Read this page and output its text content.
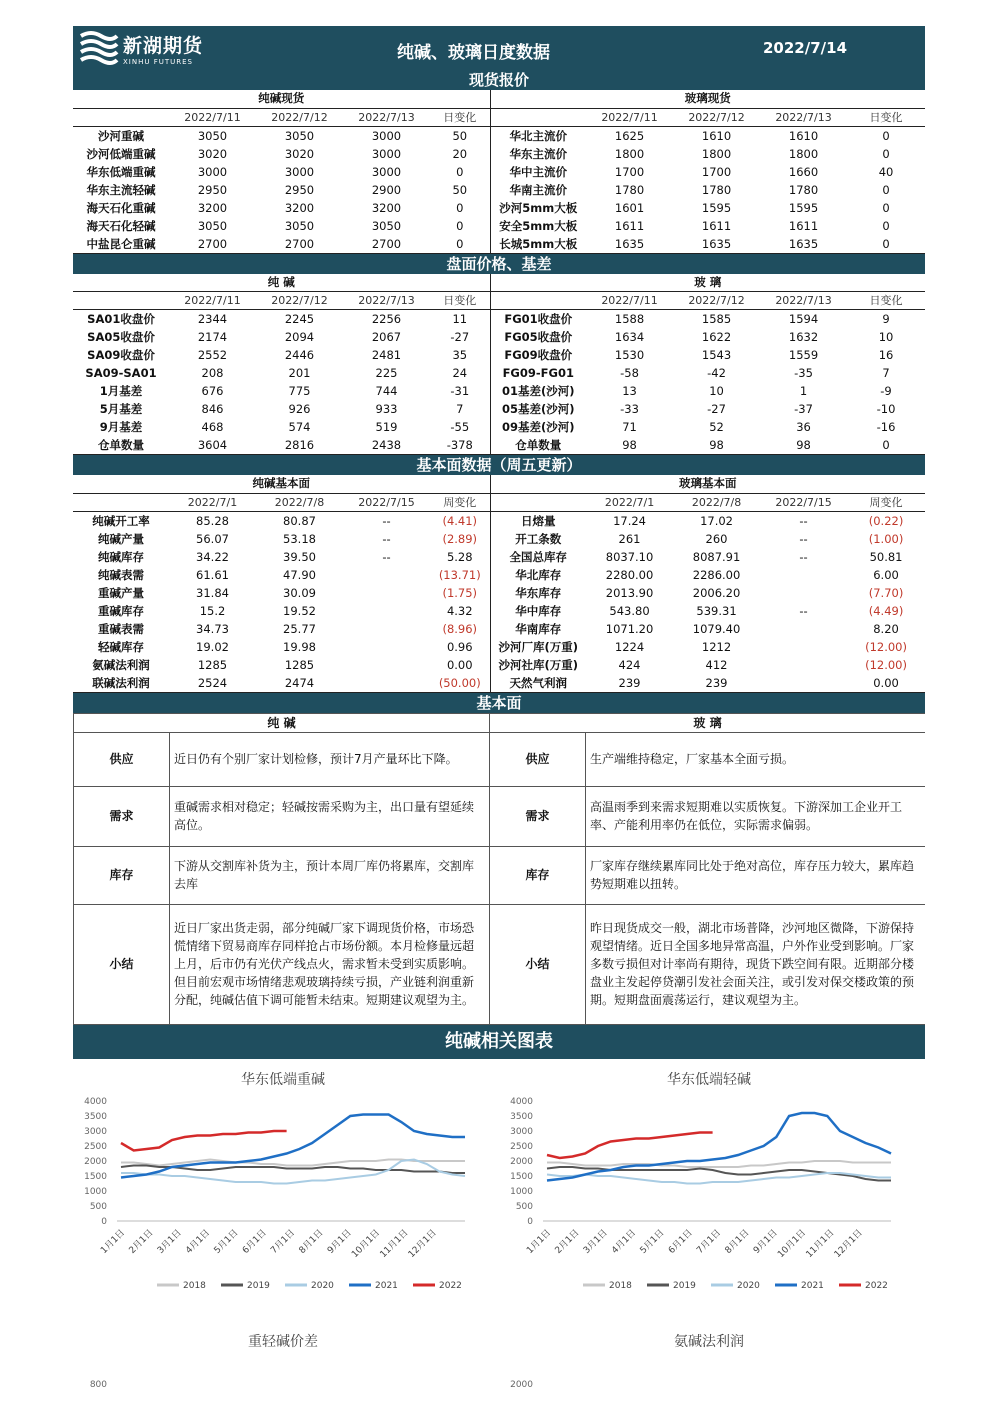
新湖期货
XINHU FUTURES	纯碱、玻璃日度数据	2022/7/14
现货报价
纯碱现货					玻璃现货				
	2022/7/11	2022/7/12	2022/7/13	日变化		2022/7/11	2022/7/12	2022/7/13	日变化
沙河重碱	3050	3050	3000	50	华北主流价	1625	1610	1610	0
沙河低端重碱	3020	3020	3000	20	华东主流价	1800	1800	1800	0
华东低端重碱	3000	3000	3000	0	华中主流价	1700	1700	1660	40
华东主流轻碱	2950	2950	2900	50	华南主流价	1780	1780	1780	0
海天石化重碱	3200	3200	3200	0	沙河5mm大板	1601	1595	1595	0
海天石化轻碱	3050	3050	3050	0	安全5mm大板	1611	1611	1611	0
中盐昆仑重碱	2700	2700	2700	0	长城5mm大板	1635	1635	1635	0
盘面价格、基差
纯 碱					玻 璃				
	2022/7/11	2022/7/12	2022/7/13	日变化		2022/7/11	2022/7/12	2022/7/13	日变化
SA01收盘价	2344	2245	2256	11	FG01收盘价	1588	1585	1594	9
SA05收盘价	2174	2094	2067	-27	FG05收盘价	1634	1622	1632	10
SA09收盘价	2552	2446	2481	35	FG09收盘价	1530	1543	1559	16
SA09-SA01	208	201	225	24	FG09-FG01	-58	-42	-35	7
1月基差	676	775	744	-31	01基差(沙河)	13	10	1	-9
5月基差	846	926	933	7	05基差(沙河)	-33	-27	-37	-10
9月基差	468	574	519	-55	09基差(沙河)	71	52	36	-16
仓单数量	3604	2816	2438	-378	仓单数量	98	98	98	0
基本面数据（周五更新）
纯碱基本面					玻璃基本面				
	2022/7/1	2022/7/8	2022/7/15	周变化		2022/7/1	2022/7/8	2022/7/15	周变化
纯碱开工率	85.28	80.87	--	(4.41)	日熔量	17.24	17.02	--	(0.22)
纯碱产量	56.07	53.18	--	(2.89)	开工条数	261	260	--	(1.00)
纯碱库存	34.22	39.50	--	5.28	全国总库存	8037.10	8087.91	--	50.81
纯碱表需	61.61	47.90		(13.71)	华北库存	2280.00	2286.00		6.00
重碱产量	31.84	30.09		(1.75)	华东库存	2013.90	2006.20		(7.70)
重碱库存	15.2	19.52		4.32	华中库存	543.80	539.31	--	(4.49)
重碱表需	34.73	25.77		(8.96)	华南库存	1071.20	1079.40		8.20
轻碱库存	19.02	19.98		0.96	沙河厂库(万重)	1224	1212		(12.00)
氨碱法利润	1285	1285		0.00	沙河社库(万重)	424	412		(12.00)
联碱法利润	2524	2474		(50.00)	天然气利润	239	239		0.00
基本面
纯 碱		玻 璃	
供应	近日仍有个别厂家计划检修，预计7月产量环比下降。	供应	生产端维持稳定，厂家基本全面亏损。
需求	重碱需求相对稳定；轻碱按需采购为主，出口量有望延续高位。	需求	高温雨季到来需求短期难以实质恢复。下游深加工企业开工率、产能利用率仍在低位，实际需求偏弱。
库存	下游从交割库补货为主，预计本周厂库仍将累库，交割库去库	库存	厂家库存继续累库同比处于绝对高位，库存压力较大，累库趋势短期难以扭转。
小结	近日厂家出货走弱，部分纯碱厂家下调现货价格，市场恐慌情绪下贸易商库存同样抢占市场份额。本月检修量远超上月，后市仍有光伏产线点火，需求暂未受到实质影响。但目前宏观市场情绪悲观玻璃持续亏损，产业链利润重新分配，纯碱估值下调可能暂未结束。短期建议观望为主。	小结	昨日现货成交一般，湖北市场普降，沙河地区微降，下游保持观望情绪。近日全国多地异常高温，户外作业受到影响。厂家多数亏损但对计率尚有期待，现货下跌空间有限。近期部分楼盘业主发起停贷潮引发社会面关注，或引发对保交楼政策的预期。短期盘面震荡运行，建议观望为主。
纯碱相关图表
4000
3500
3000
2500
2000
1500
1000
500
0
1月1日 2月1日 3月1日 4月1日 5月1日 6月1日 7月1日 8月1日 9月1日
10月1日
11月1日
12月1日
2018	2019	2020	2021	2022
华东低端重碱
4000
3500
3000
2500
2000
1500
1000
500
0
1月1日 2月1日 3月1日 4月1日 5月1日 6月1日 7月1日 8月1日 9月1日
10月1日
11月1日
12月1日
2018	2019	2020	2021	2022
华东低端轻碱
800
重轻碱价差
2000
氨碱法利润
